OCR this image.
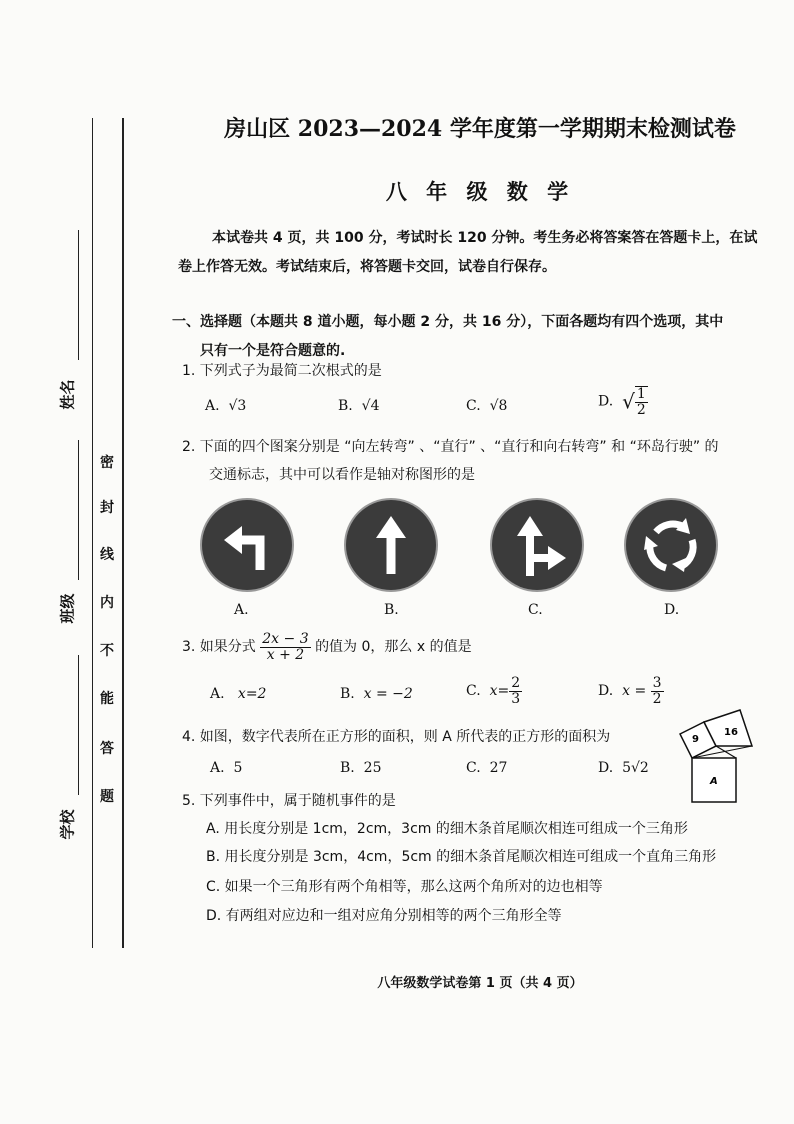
姓名
班级
学校
密
封
线
内
不
能
答
题
房山区 2023—2024 学年度第一学期期末检测试卷
八 年 级 数 学
本试卷共 4 页，共 100 分，考试时长 120 分钟。考生务必将答案答在答题卡上，在试卷上作答无效。考试结束后，将答题卡交回，试卷自行保存。
一、选择题（本题共 8 道小题，每小题 2 分，共 16 分），下面各题均有四个选项，其中
只有一个是符合题意的.
1. 下列式子为最简二次根式的是
A. √3	B. √4	C. √8	D. √ $\frac{1}{2}$
2. 下面的四个图案分别是 “向左转弯” 、“直行” 、“直行和向右转弯” 和 “环岛行驶” 的
交通标志，其中可以看作是轴对称图形的是
A.	B.	C.	D.
3. 如果分式 $\frac{2x - 3}{x + 2}$ 的值为 0，那么 x 的值是
A. x=2	B. x = −2	C. $x= \frac{2}{3}$	D. $x = \frac{3}{2}$
4. 如图，数字代表所在正方形的面积，则 A 所代表的正方形的面积为
A. 5	B. 25	C. 27	D. 5√2
9
16
A
5. 下列事件中，属于随机事件的是
A. 用长度分别是 1cm，2cm，3cm 的细木条首尾顺次相连可组成一个三角形
B. 用长度分别是 3cm，4cm，5cm 的细木条首尾顺次相连可组成一个直角三角形
C. 如果一个三角形有两个角相等，那么这两个角所对的边也相等
D. 有两组对应边和一组对应角分别相等的两个三角形全等
八年级数学试卷第 1 页（共 4 页）
